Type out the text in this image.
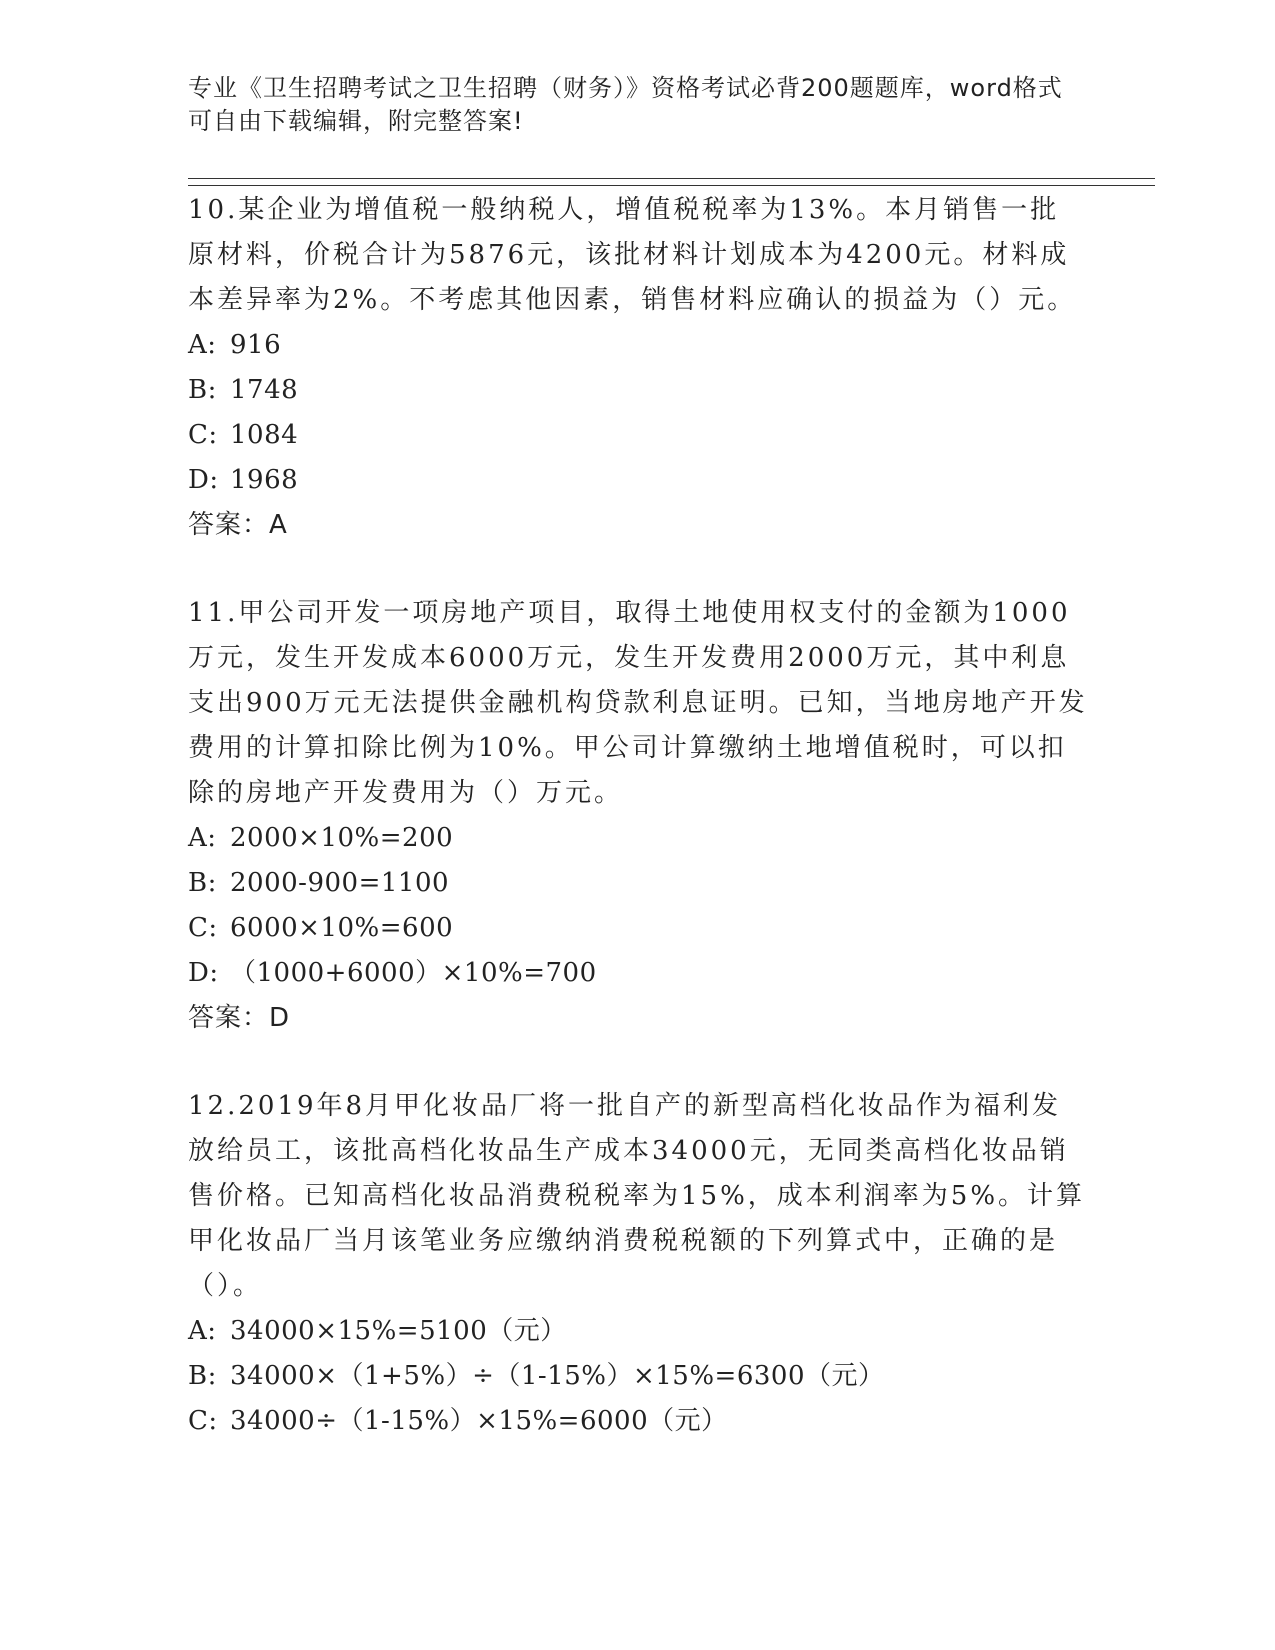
专业《卫生招聘考试之卫生招聘（财务）》资格考试必背200题题库，word格式
可自由下载编辑，附完整答案!
10.某企业为增值税一般纳税人，增值税税率为13%。本月销售一批原材料，价税合计为5876元，该批材料计划成本为4200元。材料成本差异率为2%。不考虑其他因素，销售材料应确认的损益为（）元。
A: 916
B: 1748
C: 1084
D: 1968
答案：A
11.甲公司开发一项房地产项目，取得土地使用权支付的金额为1000万元，发生开发成本6000万元，发生开发费用2000万元，其中利息支出900万元无法提供金融机构贷款利息证明。已知，当地房地产开发费用的计算扣除比例为10%。甲公司计算缴纳土地增值税时，可以扣除的房地产开发费用为（）万元。
A: 2000×10%=200
B: 2000-900=1100
C: 6000×10%=600
D: （1000+6000）×10%=700
答案：D
12.2019年8月甲化妆品厂将一批自产的新型高档化妆品作为福利发放给员工，该批高档化妆品生产成本34000元，无同类高档化妆品销售价格。已知高档化妆品消费税税率为15%，成本利润率为5%。计算甲化妆品厂当月该笔业务应缴纳消费税税额的下列算式中，正确的是（）。
A: 34000×15%=5100（元）
B: 34000×（1+5%）÷（1-15%）×15%=6300（元）
C: 34000÷（1-15%）×15%=6000（元）
